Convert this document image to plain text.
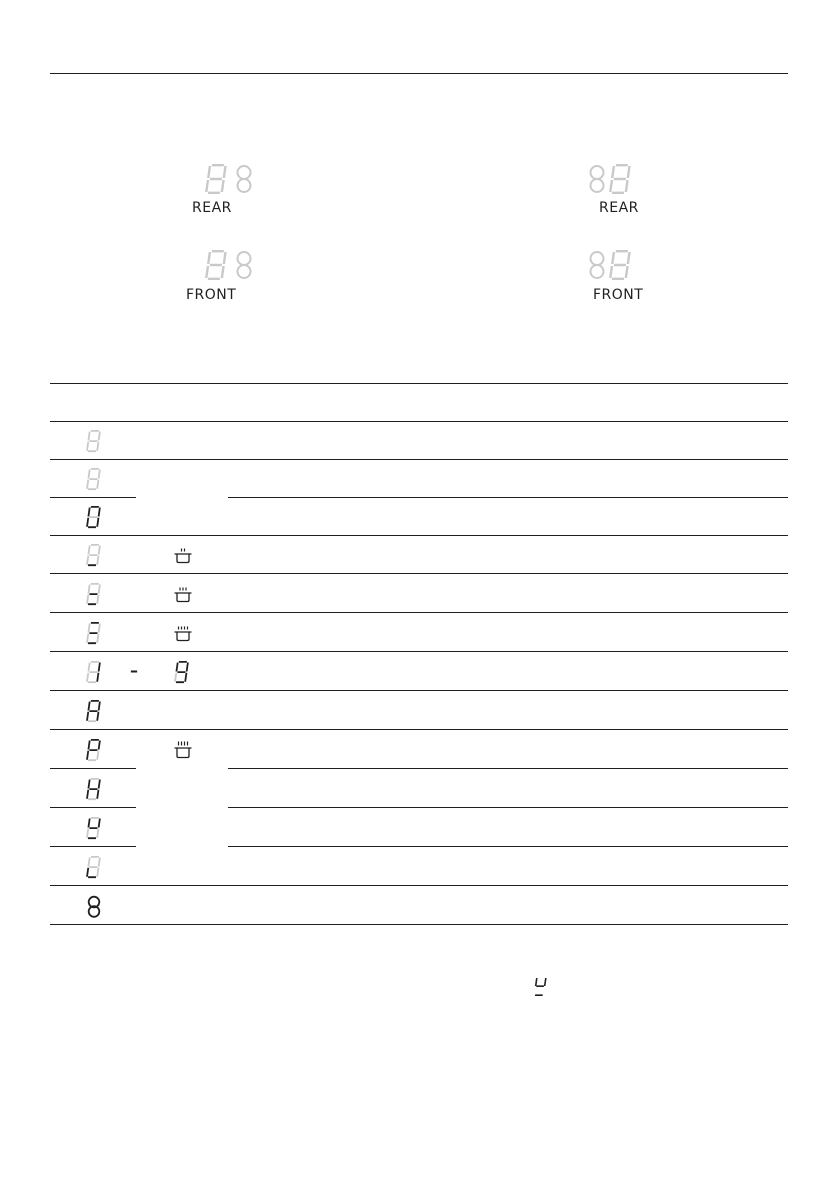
REAR	REAR
FRONT	FRONT
–
